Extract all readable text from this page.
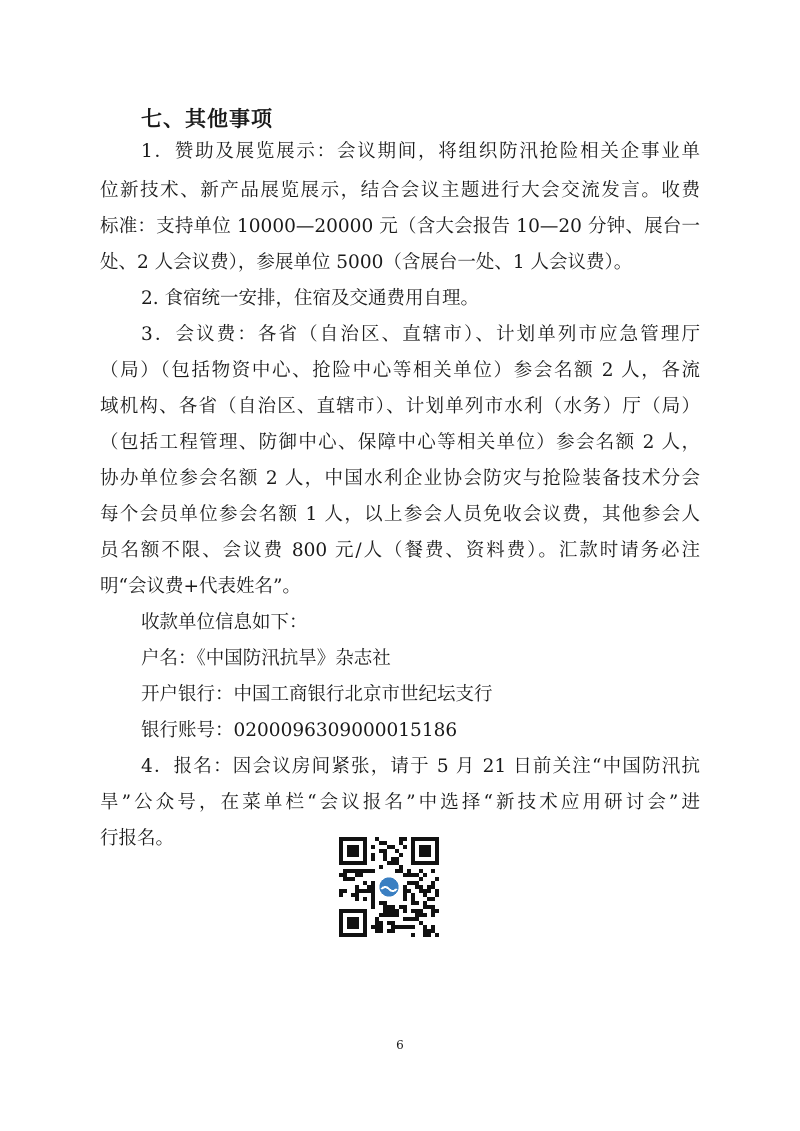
七、其他事项
1．赞助及展览展示：会议期间，将组织防汛抢险相关企事业单
位新技术、新产品展览展示，结合会议主题进行大会交流发言。收费
标准：支持单位 10000—20000 元（含大会报告 10—20 分钟、展台一
处、2 人会议费），参展单位 5000（含展台一处、1 人会议费）。
2. 食宿统一安排，住宿及交通费用自理。
3．会议费：各省（自治区、直辖市）、计划单列市应急管理厅
（局）（包括物资中心、抢险中心等相关单位）参会名额 2 人，各流
域机构、各省（自治区、直辖市）、计划单列市水利（水务）厅（局）
（包括工程管理、防御中心、保障中心等相关单位）参会名额 2 人，
协办单位参会名额 2 人，中国水利企业协会防灾与抢险装备技术分会
每个会员单位参会名额 1 人，以上参会人员免收会议费，其他参会人
员名额不限、会议费 800 元/人（餐费、资料费）。汇款时请务必注
明“会议费+代表姓名”。
收款单位信息如下：
户名：《中国防汛抗旱》杂志社
开户银行：中国工商银行北京市世纪坛支行
银行账号：0200096309000015186
4．报名：因会议房间紧张，请于 5 月 21 日前关注“中国防汛抗
旱”公众号，在菜单栏“会议报名”中选择“新技术应用研讨会”进
行报名。
6
